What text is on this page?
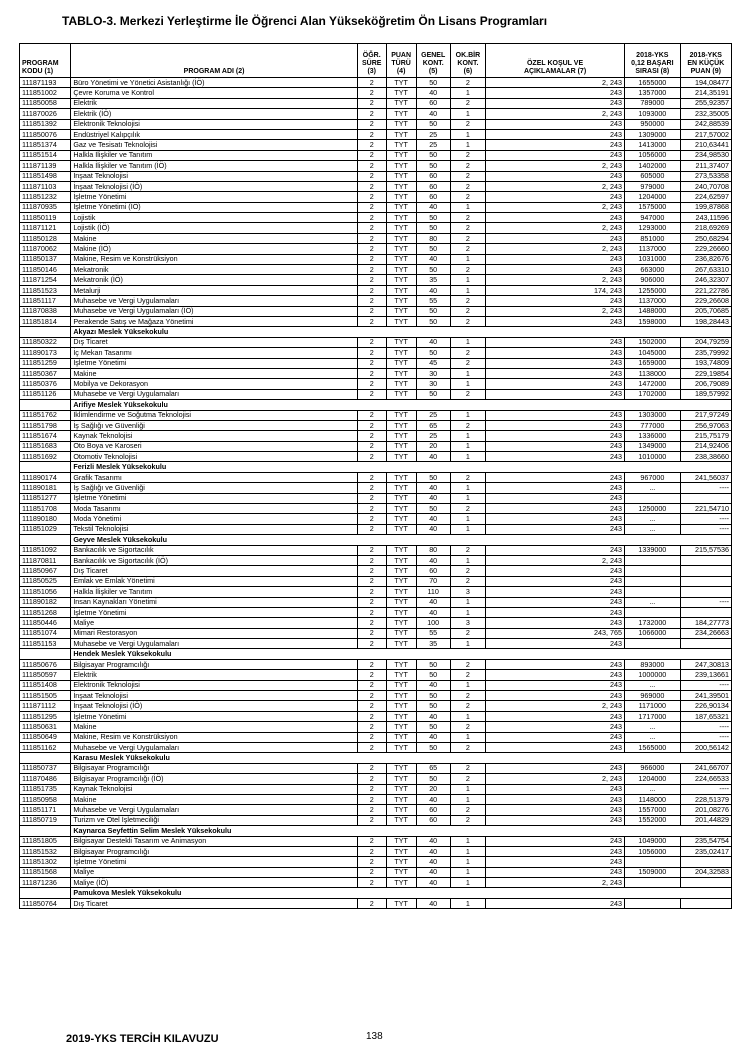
TABLO-3. Merkezi Yerleştirme İle Öğrenci Alan Yükseköğretim Ön Lisans Programları
PROGRAM
KODU (1)	PROGRAM ADI (2)	ÖĞR.
SÜRE
(3)	PUAN
TÜRÜ
(4)	GENEL
KONT.
(5)	OK.BİR
KONT.
(6)	ÖZEL KOŞUL VE
AÇIKLAMALAR (7)	2018-YKS
0,12 BAŞARI
SIRASI (8)	2018-YKS
EN KÜÇÜK
PUAN (9)
111871193	Büro Yönetimi ve Yönetici Asistanlığı (İÖ)	2	TYT	50	2	2, 243	1655000	194,08477
111851002	Çevre Koruma ve Kontrol	2	TYT	40	1	243	1357000	214,35191
111850058	Elektrik	2	TYT	60	2	243	789000	255,92357
111870026	Elektrik (İÖ)	2	TYT	40	1	2, 243	1093000	232,35005
111851392	Elektronik Teknolojisi	2	TYT	50	2	243	950000	242,88539
111850076	Endüstriyel Kalıpçılık	2	TYT	25	1	243	1309000	217,57002
111851374	Gaz ve Tesisatı Teknolojisi	2	TYT	25	1	243	1413000	210,63441
111851514	Halkla İlişkiler ve Tanıtım	2	TYT	50	2	243	1056000	234,98530
111871139	Halkla İlişkiler ve Tanıtım (İÖ)	2	TYT	50	2	2, 243	1402000	211,37407
111851498	İnşaat Teknolojisi	2	TYT	60	2	243	605000	273,53358
111871103	İnşaat Teknolojisi (İÖ)	2	TYT	60	2	2, 243	979000	240,70708
111851232	İşletme Yönetimi	2	TYT	60	2	243	1204000	224,62597
111870935	İşletme Yönetimi (İÖ)	2	TYT	40	1	2, 243	1575000	199,87868
111850119	Lojistik	2	TYT	50	2	243	947000	243,11596
111871121	Lojistik (İÖ)	2	TYT	50	2	2, 243	1293000	218,69269
111850128	Makine	2	TYT	80	2	243	851000	250,68294
111870062	Makine (İÖ)	2	TYT	50	2	2, 243	1137000	229,26660
111850137	Makine, Resim ve Konstrüksiyon	2	TYT	40	1	243	1031000	236,82676
111850146	Mekatronik	2	TYT	50	2	243	663000	267,63310
111871254	Mekatronik (İÖ)	2	TYT	35	1	2, 243	906000	246,32307
111851523	Metalurji	2	TYT	40	1	174, 243	1255000	221,22786
111851117	Muhasebe ve Vergi Uygulamaları	2	TYT	55	2	243	1137000	229,26608
111870838	Muhasebe ve Vergi Uygulamaları (İÖ)	2	TYT	50	2	2, 243	1488000	205,70685
111851814	Perakende Satış ve Mağaza Yönetimi	2	TYT	50	2	243	1598000	198,28443
	Akyazı Meslek Yüksekokulu							
111850322	Dış Ticaret	2	TYT	40	1	243	1502000	204,79259
111890173	İç Mekan Tasarımı	2	TYT	50	2	243	1045000	235,79992
111851259	İşletme Yönetimi	2	TYT	45	2	243	1659000	193,74809
111850367	Makine	2	TYT	30	1	243	1138000	229,19854
111850376	Mobilya ve Dekorasyon	2	TYT	30	1	243	1472000	206,79089
111851126	Muhasebe ve Vergi Uygulamaları	2	TYT	50	2	243	1702000	189,57992
	Arifiye Meslek Yüksekokulu							
111851762	İklimlendirme ve Soğutma Teknolojisi	2	TYT	25	1	243	1303000	217,97249
111851798	İş Sağlığı ve Güvenliği	2	TYT	65	2	243	777000	256,97063
111851674	Kaynak Teknolojisi	2	TYT	25	1	243	1336000	215,75179
111851683	Oto Boya ve Karoseri	2	TYT	20	1	243	1349000	214,92406
111851692	Otomotiv Teknolojisi	2	TYT	40	1	243	1010000	238,38660
	Ferizli Meslek Yüksekokulu							
111890174	Grafik Tasarımı	2	TYT	50	2	243	967000	241,56037
111890181	İş Sağlığı ve Güvenliği	2	TYT	40	1	243	...	----
111851277	İşletme Yönetimi	2	TYT	40	1	243		
111851708	Moda Tasarımı	2	TYT	50	2	243	1250000	221,54710
111890180	Moda Yönetimi	2	TYT	40	1	243	...	----
111851029	Tekstil Teknolojisi	2	TYT	40	1	243	...	----
	Geyve Meslek Yüksekokulu							
111851092	Bankacılık ve Sigortacılık	2	TYT	80	2	243	1339000	215,57536
111870811	Bankacılık ve Sigortacılık (İÖ)	2	TYT	40	1	2, 243		
111850967	Dış Ticaret	2	TYT	60	2	243		
111850525	Emlak ve Emlak Yönetimi	2	TYT	70	2	243		
111851056	Halkla İlişkiler ve Tanıtım	2	TYT	110	3	243		
111890182	İnsan Kaynakları Yönetimi	2	TYT	40	1	243	...	----
111851268	İşletme Yönetimi	2	TYT	40	1	243		
111850446	Maliye	2	TYT	100	3	243	1732000	184,27773
111851074	Mimari Restorasyon	2	TYT	55	2	243, 765	1066000	234,26663
111851153	Muhasebe ve Vergi Uygulamaları	2	TYT	35	1	243		
	Hendek Meslek Yüksekokulu							
111850676	Bilgisayar Programcılığı	2	TYT	50	2	243	893000	247,30813
111850597	Elektrik	2	TYT	50	2	243	1000000	239,13661
111851408	Elektronik Teknolojisi	2	TYT	40	1	243	...	----
111851505	İnşaat Teknolojisi	2	TYT	50	2	243	969000	241,39501
111871112	İnşaat Teknolojisi (İÖ)	2	TYT	50	2	2, 243	1171000	226,90134
111851295	İşletme Yönetimi	2	TYT	40	1	243	1717000	187,65321
111850631	Makine	2	TYT	50	2	243	...	----
111850649	Makine, Resim ve Konstrüksiyon	2	TYT	40	1	243	...	----
111851162	Muhasebe ve Vergi Uygulamaları	2	TYT	50	2	243	1565000	200,56142
	Karasu Meslek Yüksekokulu							
111850737	Bilgisayar Programcılığı	2	TYT	65	2	243	966000	241,66707
111870486	Bilgisayar Programcılığı (İÖ)	2	TYT	50	2	2, 243	1204000	224,66533
111851735	Kaynak Teknolojisi	2	TYT	20	1	243	...	----
111850958	Makine	2	TYT	40	1	243	1148000	228,51379
111851171	Muhasebe ve Vergi Uygulamaları	2	TYT	60	2	243	1557000	201,08276
111850719	Turizm ve Otel İşletmeciliği	2	TYT	60	2	243	1552000	201,44829
	Kaynarca Seyfettin Selim Meslek Yüksekokulu							
111851805	Bilgisayar Destekli Tasarım ve Animasyon	2	TYT	40	1	243	1049000	235,54754
111851532	Bilgisayar Programcılığı	2	TYT	40	1	243	1056000	235,02417
111851302	İşletme Yönetimi	2	TYT	40	1	243		
111851568	Maliye	2	TYT	40	1	243	1509000	204,32583
111871236	Maliye (İÖ)	2	TYT	40	1	2, 243		
	Pamukova Meslek Yüksekokulu							
111850764	Dış Ticaret	2	TYT	40	1	243		
2019-YKS TERCİH KILAVUZU	138
